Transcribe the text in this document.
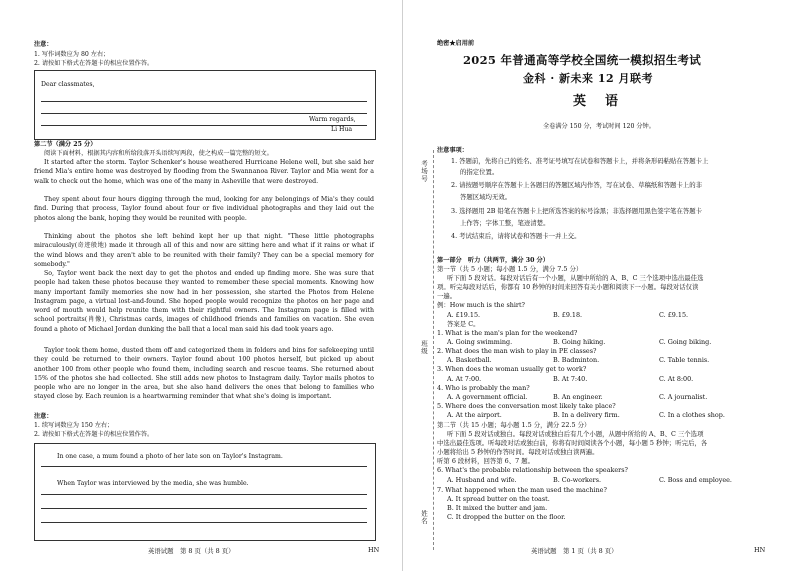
注意：
1. 写作词数应为 80 左右；
2. 请按如下格式在答题卡的相应位置作答。
Dear classmates,
Warm regards,
Li Hua
第二节（满分 25 分）
阅读下面材料，根据其内容和所给段落开头语续写两段，使之构成一篇完整的短文。
It started after the storm. Taylor Schenker's house weathered Hurricane Helene well, but she said her friend Mia's entire home was destroyed by flooding from the Swannanoa River. Taylor and Mia went for a walk to check out the home, which was one of the many in Asheville that were destroyed.
They spent about four hours digging through the mud, looking for any belongings of Mia's they could find. During that process, Taylor found about four or five individual photographs and they laid out the photos along the bank, hoping they would be reunited with people.
Thinking about the photos she left behind kept her up that night. "These little photographs miraculously(奇迹般地) made it through all of this and now are sitting here and what if it rains or what if the wind blows and they aren't able to be reunited with their family? They can be a special memory for somebody."
So, Taylor went back the next day to get the photos and ended up finding more. She was sure that people had taken these photos because they wanted to remember these special moments. Knowing how many important family memories she now had in her possession, she started the Photos from Helene Instagram page, a virtual lost-and-found. She hoped people would recognize the photos on her page and word of mouth would help reunite them with their rightful owners. The Instagram page is filled with school portraits(肖像), Christmas cards, images of childhood friends and families on vacation. She even found a photo of Michael Jordan dunking the ball that a local man said his dad took years ago.
Taylor took them home, dusted them off and categorized them in folders and bins for safekeeping until they could be returned to their owners. Taylor found about 100 photos herself, but picked up about another 100 from other people who found them, including search and rescue teams. She returned about 15% of the photos she had collected. She still adds new photos to Instagram daily. Taylor mails photos to people who are no longer in the area, but she also hand delivers the ones that belong to families who stayed close by. Each reunion is a heartwarming reminder that what she's doing is important.
注意：
1. 续写词数应为 150 左右；
2. 请按如下格式在答题卡的相应位置作答。
In one case, a mum found a photo of her late son on Taylor's Instagram.
When Taylor was interviewed by the media, she was humble.
英语试题　第 8 页（共 8 页）	HN
考场号
班级
姓名
绝密★启用前
2025 年普通高等学校全国统一模拟招生考试
金科 · 新未来 12 月联考
英　语
全卷满分 150 分，考试时间 120 分钟。
注意事项：
1. 答题前，先将自己的姓名、准考证号填写在试卷和答题卡上，并将条形码粘贴在答题卡上
的指定位置。
2. 请按题号顺序在答题卡上各题目的答题区域内作答，写在试卷、草稿纸和答题卡上的非
答题区域均无效。
3. 选择题用 2B 铅笔在答题卡上把所选答案的标号涂黑；非选择题用黑色签字笔在答题卡
上作答；字体工整，笔迹清楚。
4. 考试结束后，请将试卷和答题卡一并上交。
第一部分　听力（共两节，满分 30 分）
第一节（共 5 小题；每小题 1.5 分，满分 7.5 分）
听下面 5 段对话。每段对话后有一个小题，从题中所给的 A、B、C 三个选项中选出最佳选
项。听完每段对话后，你都有 10 秒钟的时间来回答有关小题和阅读下一小题。每段对话仅读
一遍。
例：How much is the shirt?
A. £19.15.	B. £9.18.	C. £9.15.
答案是 C。
1. What is the man's plan for the weekend?
A. Going swimming.	B. Going hiking.	C. Going biking.
2. What does the man wish to play in PE classes?
A. Basketball.	B. Badminton.	C. Table tennis.
3. When does the woman usually get to work?
A. At 7:00.	B. At 7:40.	C. At 8:00.
4. Who is probably the man?
A. A government official.	B. An engineer.	C. A journalist.
5. Where does the conversation most likely take place?
A. At the airport.	B. In a delivery firm.	C. In a clothes shop.
第二节（共 15 小题；每小题 1.5 分，满分 22.5 分）
听下面 5 段对话或独白。每段对话或独白后有几个小题，从题中所给的 A、B、C 三个选项
中选出最佳选项。听每段对话或独白前，你将有时间阅读各个小题，每小题 5 秒钟；听完后，各
小题将给出 5 秒钟的作答时间。每段对话或独白读两遍。
听第 6 段材料，回答第 6、7 题。
6. What's the probable relationship between the speakers?
A. Husband and wife.	B. Co-workers.	C. Boss and employee.
7. What happened when the man used the machine?
A. It spread butter on the toast.
B. It mixed the butter and jam.
C. It dropped the butter on the floor.
英语试题　第 1 页（共 8 页）	HN
